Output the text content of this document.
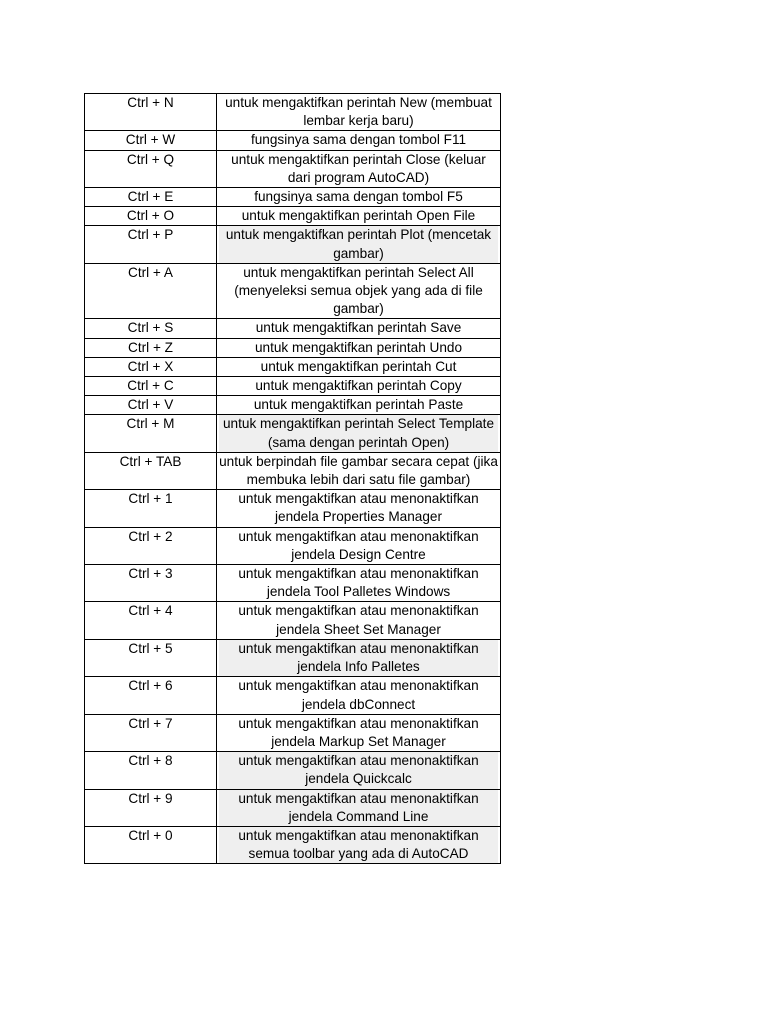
Ctrl + N	untuk mengaktifkan perintah New (membuat lembar kerja baru)

Ctrl + W	fungsinya sama dengan tombol F11

Ctrl + Q	untuk mengaktifkan perintah Close (keluar dari program AutoCAD)

Ctrl + E	fungsinya sama dengan tombol F5

Ctrl + O	untuk mengaktifkan perintah Open File

Ctrl + P	untuk mengaktifkan perintah Plot (mencetak gambar)

Ctrl + A	untuk mengaktifkan perintah Select All (menyeleksi semua objek yang ada di file gambar)

Ctrl + S	untuk mengaktifkan perintah Save

Ctrl + Z	untuk mengaktifkan perintah Undo

Ctrl + X	untuk mengaktifkan perintah Cut

Ctrl + C	untuk mengaktifkan perintah Copy

Ctrl + V	untuk mengaktifkan perintah Paste

Ctrl + M	untuk mengaktifkan perintah Select Template (sama dengan perintah Open)

Ctrl + TAB	untuk berpindah file gambar secara cepat (jika membuka lebih dari satu file gambar)

Ctrl + 1	untuk mengaktifkan atau menonaktifkan jendela Properties Manager

Ctrl + 2	untuk mengaktifkan atau menonaktifkan jendela Design Centre

Ctrl + 3	untuk mengaktifkan atau menonaktifkan jendela Tool Palletes Windows

Ctrl + 4	untuk mengaktifkan atau menonaktifkan jendela Sheet Set Manager

Ctrl + 5	untuk mengaktifkan atau menonaktifkan jendela Info Palletes

Ctrl + 6	untuk mengaktifkan atau menonaktifkan jendela dbConnect

Ctrl + 7	untuk mengaktifkan atau menonaktifkan jendela Markup Set Manager

Ctrl + 8	untuk mengaktifkan atau menonaktifkan jendela Quickcalc

Ctrl + 9	untuk mengaktifkan atau menonaktifkan jendela Command Line

Ctrl + 0	untuk mengaktifkan atau menonaktifkan semua toolbar yang ada di AutoCAD
